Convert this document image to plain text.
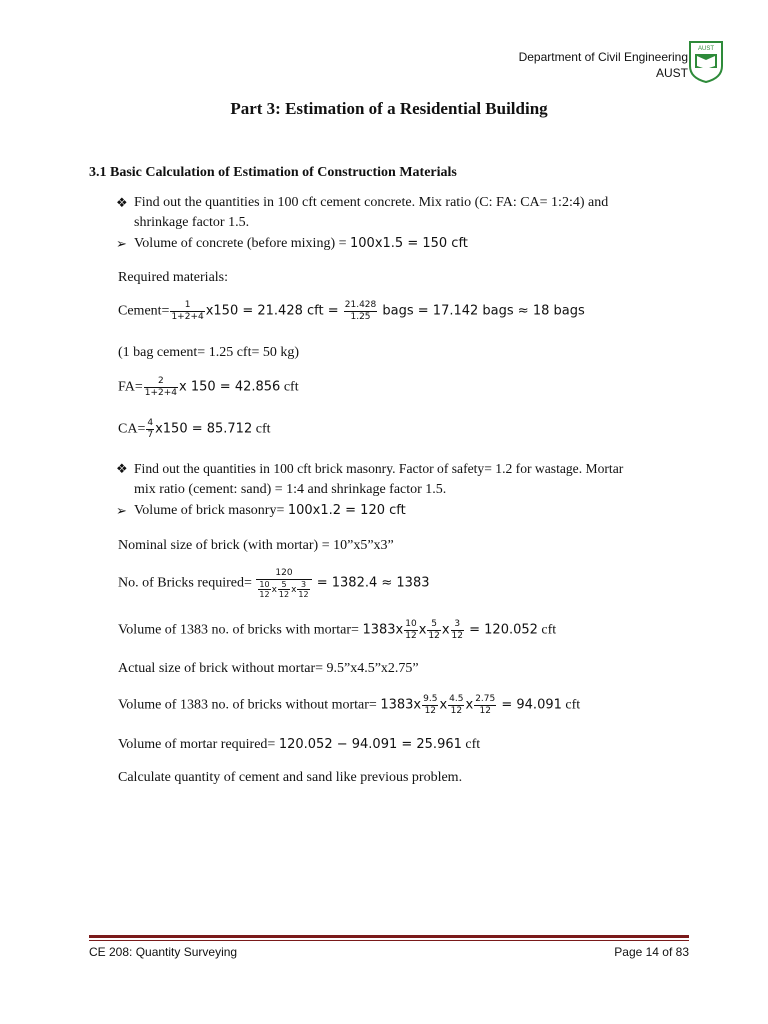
Department of Civil Engineering
AUST
AUST
Part 3: Estimation of a Residential Building
3.1 Basic Calculation of Estimation of Construction Materials
❖ Find out the quantities in 100 cft cement concrete. Mix ratio (C: FA: CA= 1:2:4) and
shrinkage factor 1.5.
➢ Volume of concrete (before mixing) = 100x1.5 = 150 cft
Required materials:
Cement= $\frac{1}{1+2+4} x150 = 21.428$ cft = $\frac{21.428}{1.25}$ bags = 17.142 bags ≈ 18 bags
(1 bag cement= 1.25 cft= 50 kg)
$FA= \frac{2}{1+2+4}$ x 150 = 42.856 cft
$CA= \frac{4}{7} x150 = 85.712$ cft
❖ Find out the quantities in 100 cft brick masonry. Factor of safety= 1.2 for wastage. Mortar
mix ratio (cement: sand) = 1:4 and shrinkage factor 1.5.
➢ Volume of brick masonry= 100x1.2 = 120 cft
Nominal size of brick (with mortar) = 10”x5”x3”
No. of Bricks required= $\frac{120}{\frac{10}{12} x \frac{5}{12} x \frac{3}{12}} = 1382.4 \approx 1383$
Volume of 1383 no. of bricks with mortar= $1383x \frac{10}{12}$ x $\frac{5}{12}$ x $\frac{3}{12} = 120.052$ cft
Actual size of brick without mortar= 9.5”x4.5”x2.75”
Volume of 1383 no. of bricks without mortar= $1383x \frac{9.5}{12}$ x $\frac{4.5}{12}$ x $\frac{2.75}{12} = 94.091$ cft
Volume of mortar required= 120.052 − 94.091 = 25.961 cft
Calculate quantity of cement and sand like previous problem.
CE 208: Quantity Surveying	Page 14 of 83
